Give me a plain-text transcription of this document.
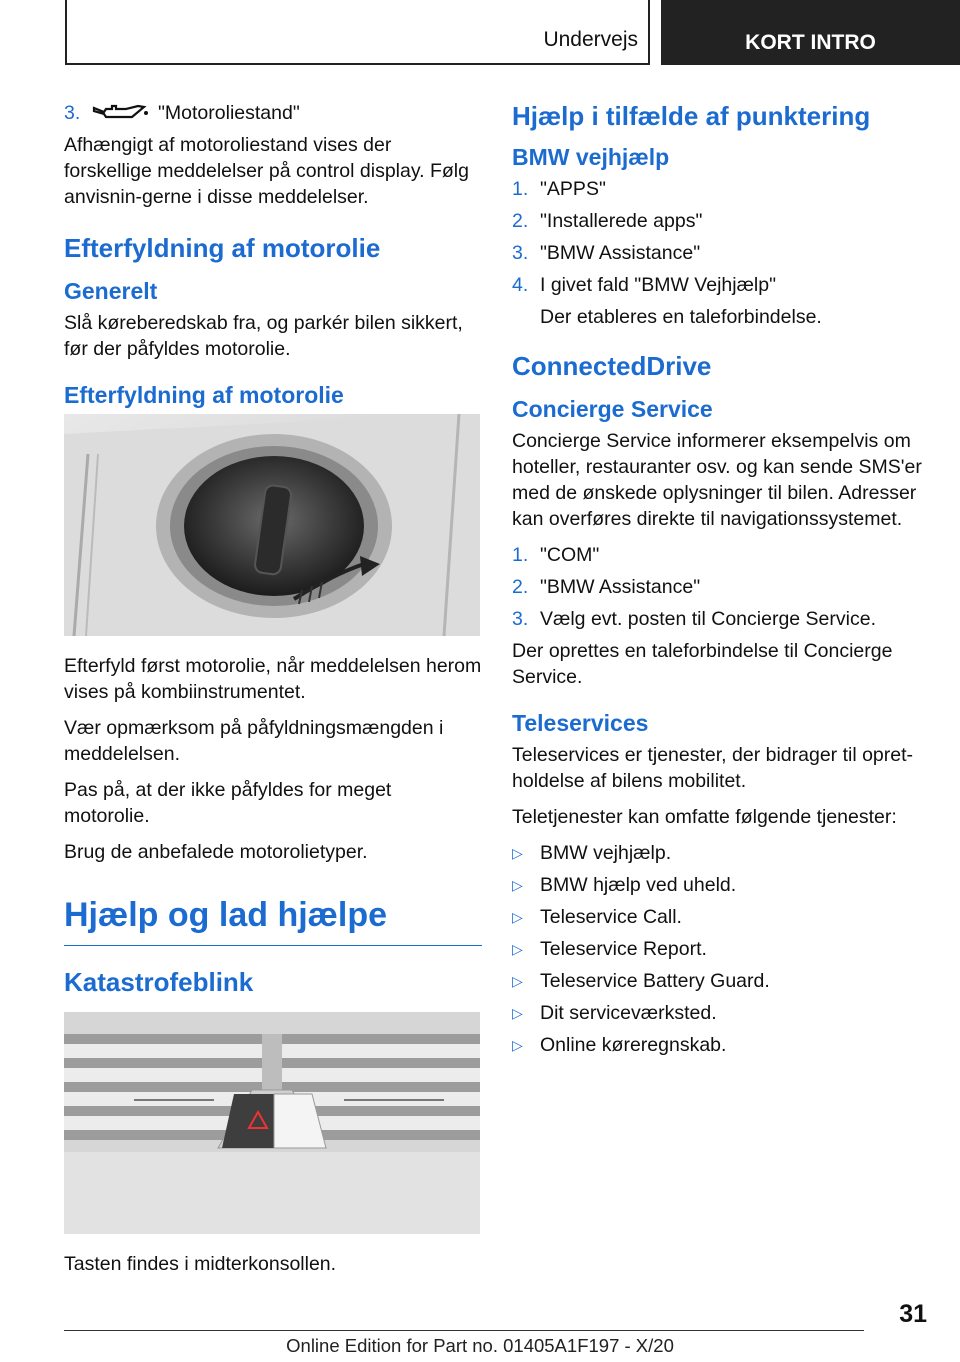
Undervejs	KORT INTRO
3.	"Motoroliestand"

Afhængigt af motoroliestand vises der forskellige meddelelser på control display. Følg anvisnin-gerne i disse meddelelser.

Efterfyldning af motorolie
Generelt

Slå køreberedskab fra, og parkér bilen sikkert, før der påfyldes motorolie.

Efterfyldning af motorolie

Efterfyld først motorolie, når meddelelsen herom vises på kombiinstrumentet.

Vær opmærksom på påfyldningsmængden i meddelelsen.

Pas på, at der ikke påfyldes for meget motorolie.

Brug de anbefalede motorolietyper.

Hjælp og lad hjælpe
Katastrofeblink

Tasten findes i midterkonsollen.

Hjælp i tilfælde af punktering
BMW vejhjælp
1. "APPS"
2. "Installerede apps"
3. "BMW Assistance"
4. I givet fald "BMW Vejhjælp"
Der etableres en taleforbindelse.
ConnectedDrive
Concierge Service

Concierge Service informerer eksempelvis om hoteller, restauranter osv. og kan sende SMS'er med de ønskede oplysninger til bilen. Adresser kan overføres direkte til navigationssystemet.

1. "COM"
2. "BMW Assistance"
3. Vælg evt. posten til Concierge Service.

Der oprettes en taleforbindelse til Concierge Service.

Teleservices

Teleservices er tjenester, der bidrager til opret-holdelse af bilens mobilitet.

Teletjenester kan omfatte følgende tjenester:

▷ BMW vejhjælp.
▷ BMW hjælp ved uheld.
▷ Teleservice Call.
▷ Teleservice Report.
▷ Teleservice Battery Guard.
▷ Dit serviceværksted.
▷ Online køreregnskab.
31
Online Edition for Part no. 01405A1F197 - X/20
